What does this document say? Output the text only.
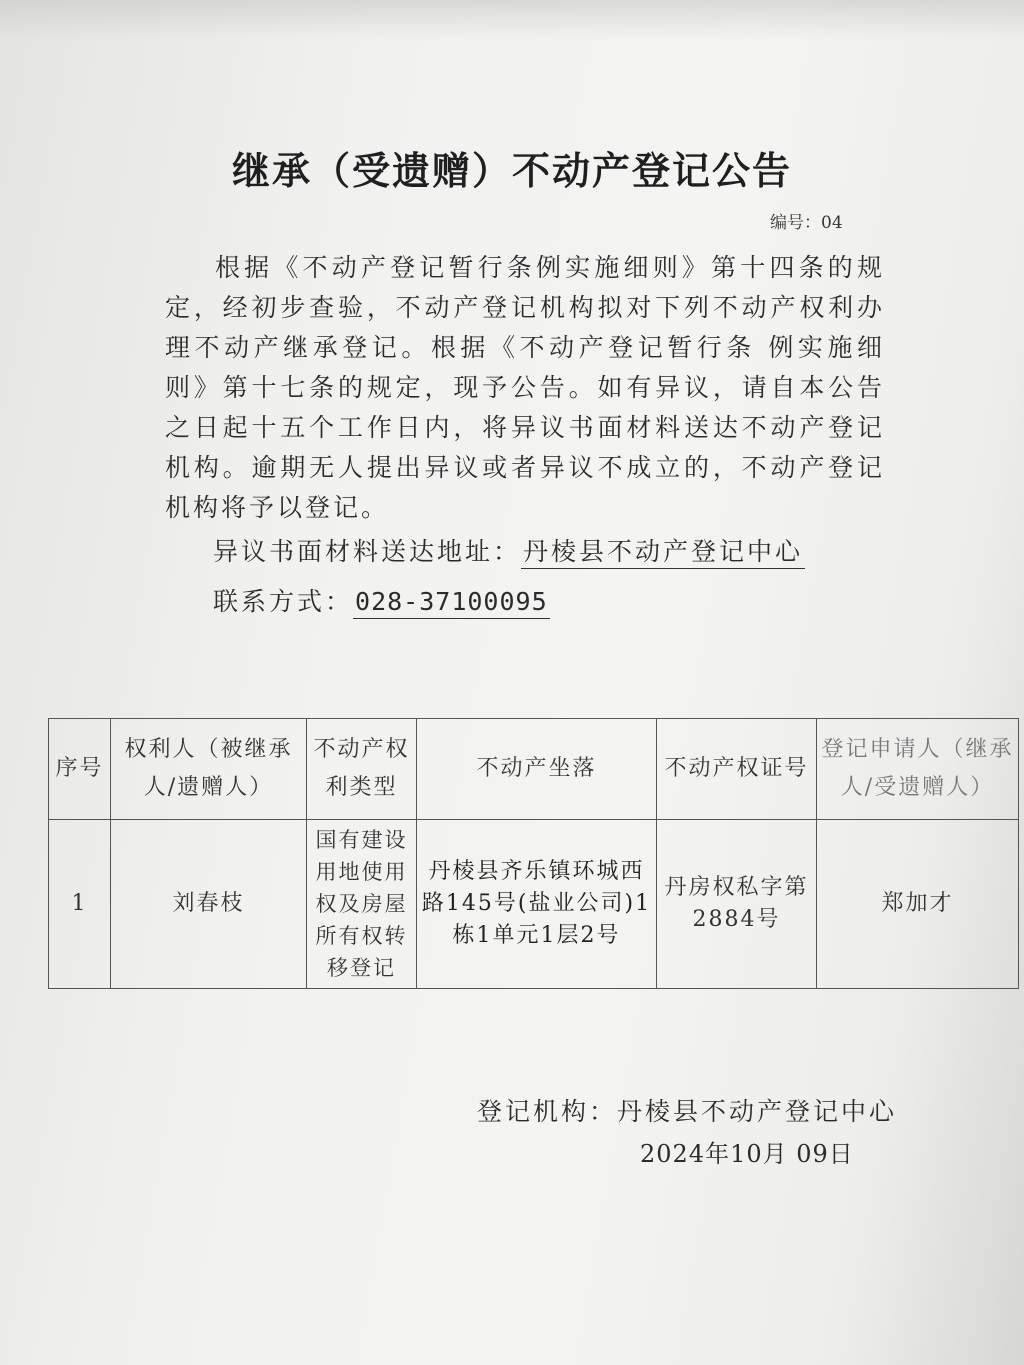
继承（受遗赠）不动产登记公告
编号：04

根据《不动产登记暂行条例实施细则》第十四条的规定，经初步查验，不动产登记机构拟对下列不动产权利办理不动产继承登记。根据《不动产登记暂行条 例实施细则》第十七条的规定，现予公告。如有异议，请自本公告之日起十五个工作日内，将异议书面材料送达不动产登记机构。逾期无人提出异议或者异议不成立的，不动产登记机构将予以登记。

异议书面材料送达地址：丹棱县不动产登记中心
联系方式：028-37100095
序号	权利人（被继承人/遗赠人）	不动产权利类型	不动产坐落	不动产权证号	登记申请人（继承人/受遗赠人）
1	刘春枝	国有建设用地使用权及房屋所有权转移登记	丹棱县齐乐镇环城西路145号(盐业公司)1栋1单元1层2号	丹房权私字第2884号	郑加才
登记机构：丹棱县不动产登记中心
2024年10月 09日
